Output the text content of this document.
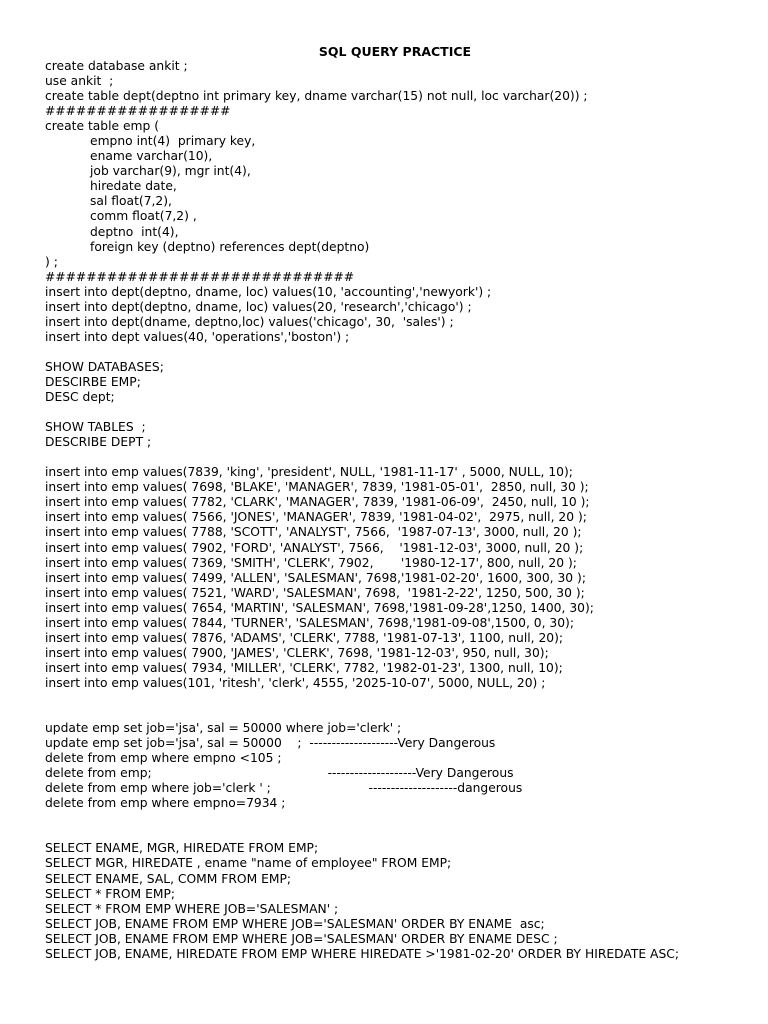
SQL QUERY PRACTICE
create database ankit ;
use ankit  ;
create table dept(deptno int primary key, dname varchar(15) not null, loc varchar(20)) ;
##################
create table emp (
empno int(4)  primary key,
ename varchar(10),
job varchar(9), mgr int(4),
hiredate date,
sal float(7,2),
comm float(7,2) ,
deptno  int(4),
foreign key (deptno) references dept(deptno)
) ;
##############################
insert into dept(deptno, dname, loc) values(10, 'accounting','newyork') ;
insert into dept(deptno, dname, loc) values(20, 'research','chicago') ;
insert into dept(dname, deptno,loc) values('chicago', 30,  'sales') ;
insert into dept values(40, 'operations','boston') ;
SHOW DATABASES;
DESCIRBE EMP;
DESC dept;
SHOW TABLES  ;
DESCRIBE DEPT ;
insert into emp values(7839, 'king', 'president', NULL, '1981-11-17' , 5000, NULL, 10);
insert into emp values( 7698, 'BLAKE', 'MANAGER', 7839, '1981-05-01',  2850, null, 30 );
insert into emp values( 7782, 'CLARK', 'MANAGER', 7839, '1981-06-09',  2450, null, 10 );
insert into emp values( 7566, 'JONES', 'MANAGER', 7839, '1981-04-02',  2975, null, 20 );
insert into emp values( 7788, 'SCOTT', 'ANALYST', 7566,  '1987-07-13', 3000, null, 20 );
insert into emp values( 7902, 'FORD', 'ANALYST', 7566,    '1981-12-03', 3000, null, 20 );
insert into emp values( 7369, 'SMITH', 'CLERK', 7902,       '1980-12-17', 800, null, 20 );
insert into emp values( 7499, 'ALLEN', 'SALESMAN', 7698,'1981-02-20', 1600, 300, 30 );
insert into emp values( 7521, 'WARD', 'SALESMAN', 7698,  '1981-2-22', 1250, 500, 30 );
insert into emp values( 7654, 'MARTIN', 'SALESMAN', 7698,'1981-09-28',1250, 1400, 30);
insert into emp values( 7844, 'TURNER', 'SALESMAN', 7698,'1981-09-08',1500, 0, 30);
insert into emp values( 7876, 'ADAMS', 'CLERK', 7788, '1981-07-13', 1100, null, 20);
insert into emp values( 7900, 'JAMES', 'CLERK', 7698, '1981-12-03', 950, null, 30);
insert into emp values( 7934, 'MILLER', 'CLERK', 7782, '1982-01-23', 1300, null, 10);
insert into emp values(101, 'ritesh', 'clerk', 4555, '2025-10-07', 5000, NULL, 20) ;
update emp set job='jsa', sal = 50000 where job='clerk' ;
update emp set job='jsa', sal = 50000    ;  --------------------Very Dangerous
delete from emp where empno <105 ;
delete from emp;                                             --------------------Very Dangerous
delete from emp where job='clerk ' ;                         --------------------dangerous
delete from emp where empno=7934 ;
SELECT ENAME, MGR, HIREDATE FROM EMP;
SELECT MGR, HIREDATE , ename "name of employee" FROM EMP;
SELECT ENAME, SAL, COMM FROM EMP;
SELECT * FROM EMP;
SELECT * FROM EMP WHERE JOB='SALESMAN' ;
SELECT JOB, ENAME FROM EMP WHERE JOB='SALESMAN' ORDER BY ENAME  asc;
SELECT JOB, ENAME FROM EMP WHERE JOB='SALESMAN' ORDER BY ENAME DESC ;
SELECT JOB, ENAME, HIREDATE FROM EMP WHERE HIREDATE >'1981-02-20' ORDER BY HIREDATE ASC;
